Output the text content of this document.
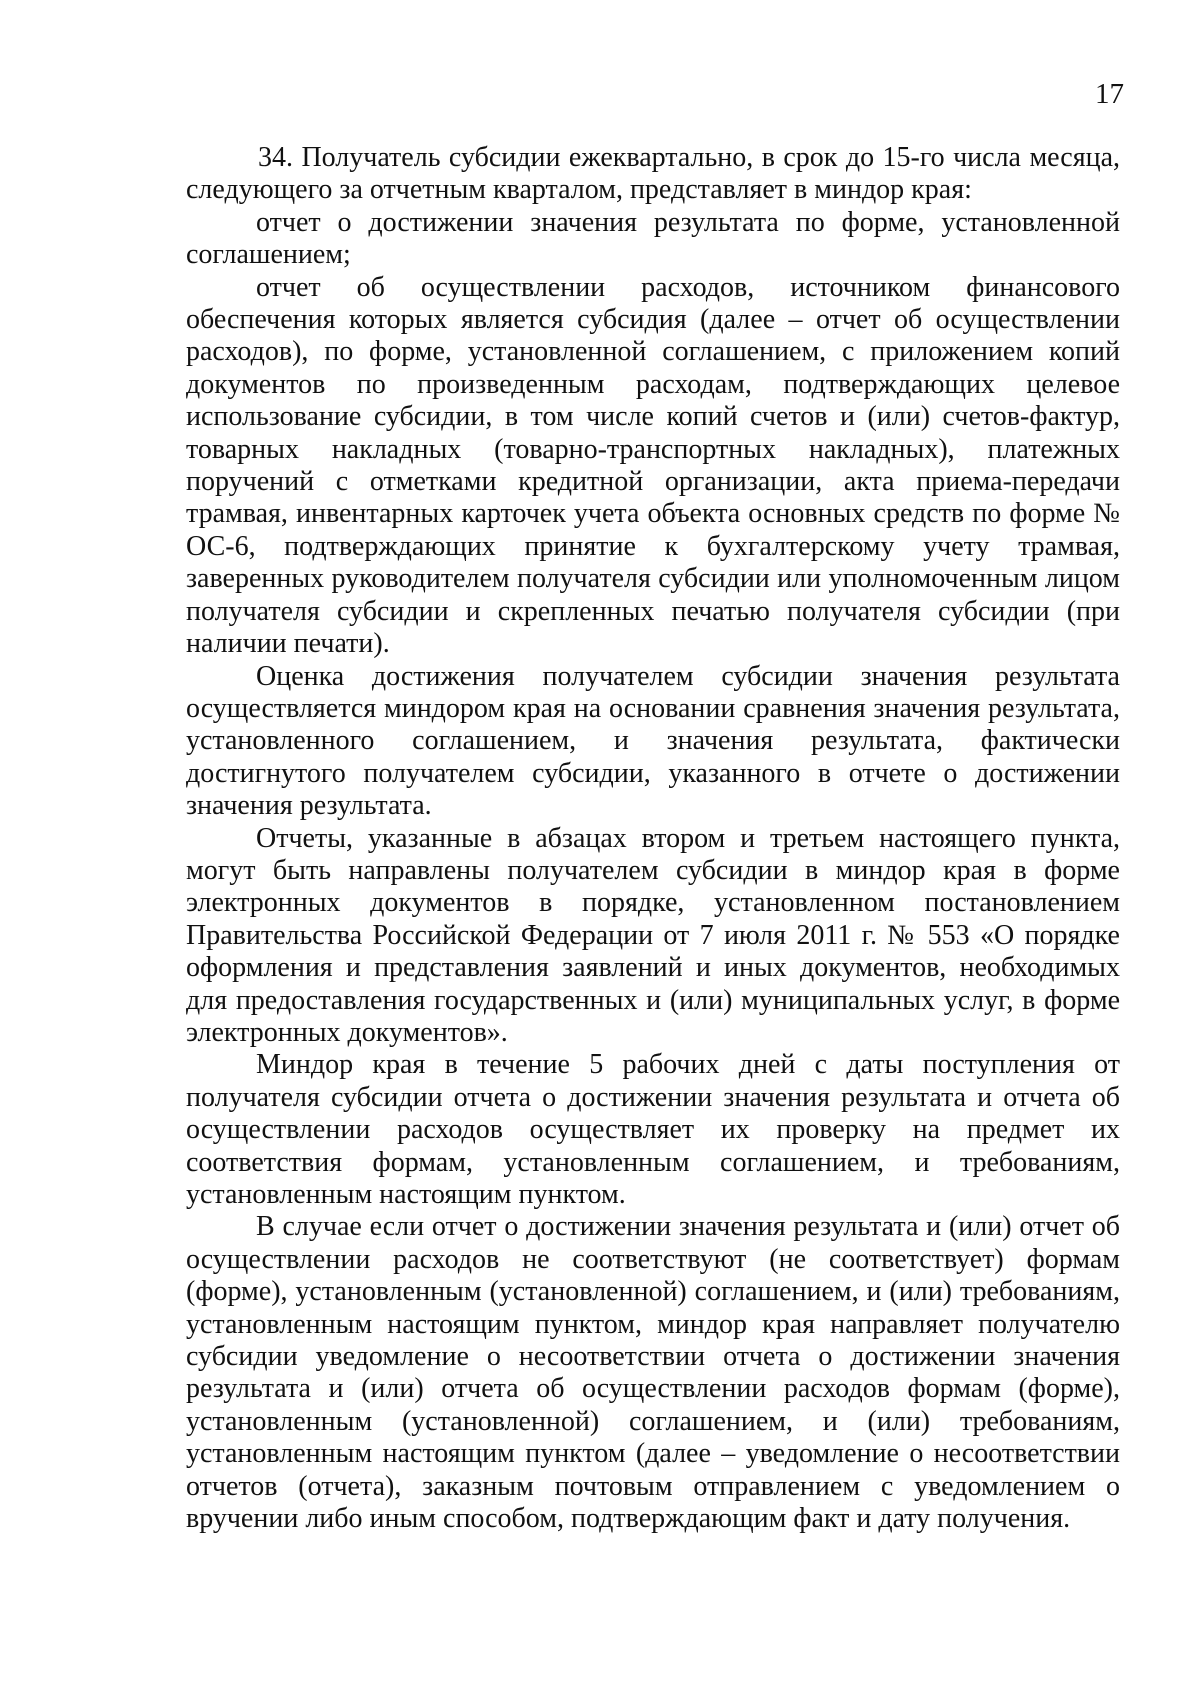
17

34. Получатель субсидии ежеквартально, в срок до 15-го числа месяца, следующего за отчетным кварталом, представляет в миндор края:

отчет о достижении значения результата по форме, установленной соглашением;

отчет об осуществлении расходов, источником финансового обеспечения которых является субсидия (далее – отчет об осуществлении расходов), по форме, установленной соглашением, с приложением копий документов по произведенным расходам, подтверждающих целевое использование субсидии, в том числе копий счетов и (или) счетов-фактур, товарных накладных (товарно-транспортных накладных), платежных поручений с отметками кредитной организации, акта приема-передачи трамвая, инвентарных карточек учета объекта основных средств по форме № ОС-6, подтверждающих принятие к бухгалтерскому учету трамвая, заверенных руководителем получателя субсидии или уполномоченным лицом получателя субсидии и скрепленных печатью получателя субсидии (при наличии печати).

Оценка достижения получателем субсидии значения результата осуществляется миндором края на основании сравнения значения результата, установленного соглашением, и значения результата, фактически достигнутого получателем субсидии, указанного в отчете о достижении значения результата.

Отчеты, указанные в абзацах втором и третьем настоящего пункта, могут быть направлены получателем субсидии в миндор края в форме электронных документов в порядке, установленном постановлением Правительства Российской Федерации от 7 июля 2011 г. № 553 «О порядке оформления и представления заявлений и иных документов, необходимых для предоставления государственных и (или) муниципальных услуг, в форме электронных документов».

Миндор края в течение 5 рабочих дней с даты поступления от получателя субсидии отчета о достижении значения результата и отчета об осуществлении расходов осуществляет их проверку на предмет их соответствия формам, установленным соглашением, и требованиям, установленным настоящим пунктом.

В случае если отчет о достижении значения результата и (или) отчет об осуществлении расходов не соответствуют (не соответствует) формам (форме), установленным (установленной) соглашением, и (или) требованиям, установленным настоящим пунктом, миндор края направляет получателю субсидии уведомление о несоответствии отчета о достижении значения результата и (или) отчета об осуществлении расходов формам (форме), установленным (установленной) соглашением, и (или) требованиям, установленным настоящим пунктом (далее – уведомление о несоответствии отчетов (отчета), заказным почтовым отправлением с уведомлением о вручении либо иным способом, подтверждающим факт и дату получения.
